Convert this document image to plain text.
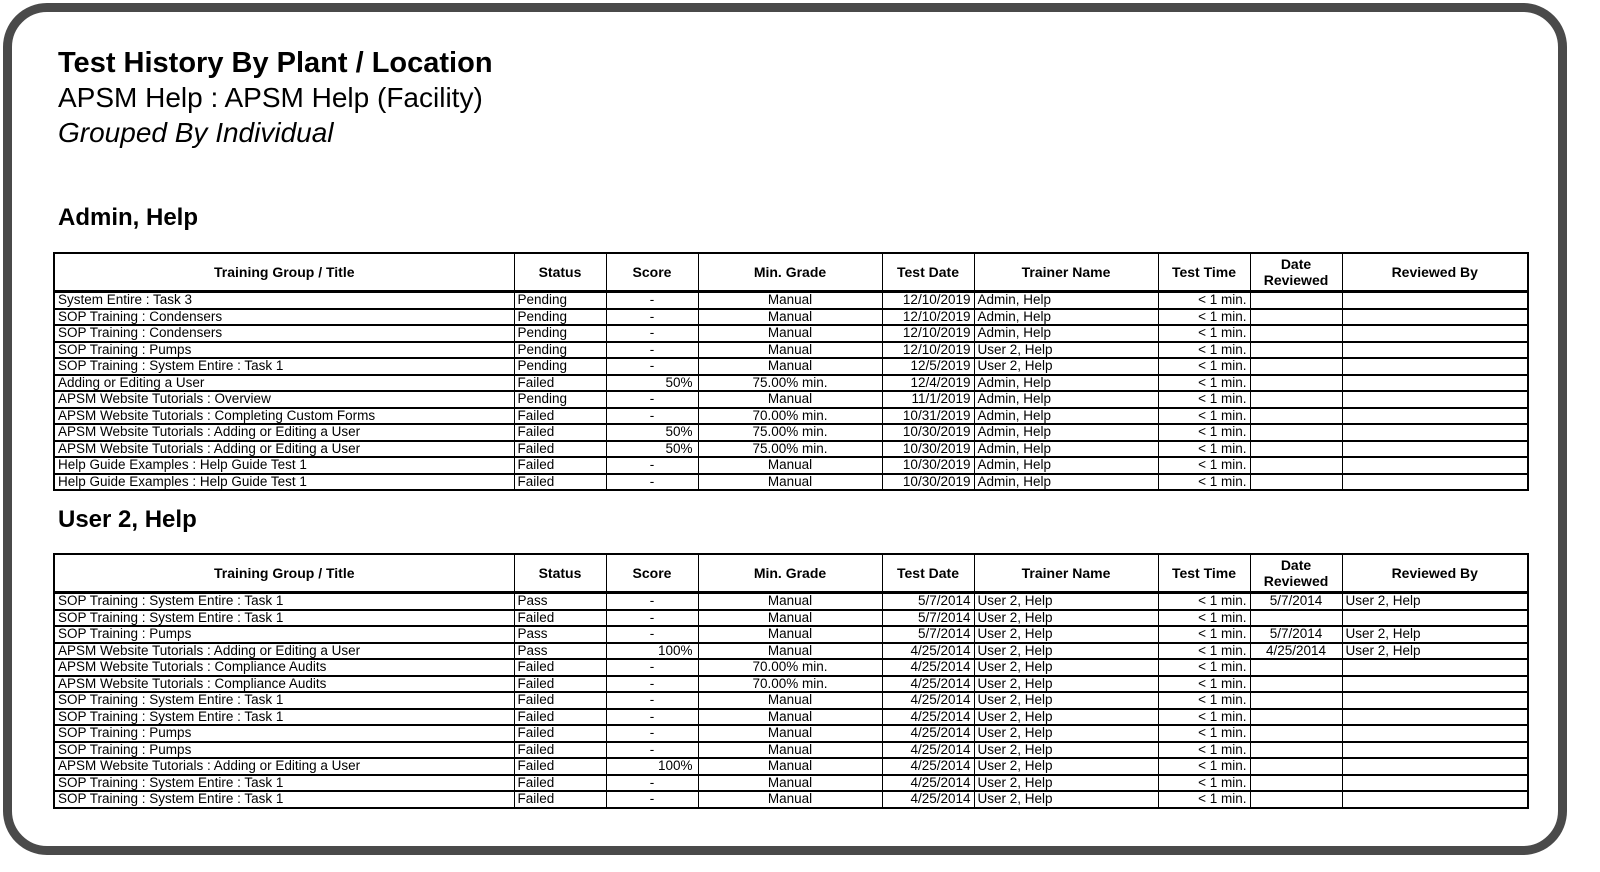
Test History By Plant / Location
APSM Help : APSM Help (Facility)
Grouped By Individual
Admin, Help
Training Group / Title	Status	Score	Min. Grade	Test Date	Trainer Name	Test Time	Date
Reviewed	Reviewed By
System Entire : Task 3	Pending	-	Manual	12/10/2019	Admin, Help	< 1 min.		
SOP Training : Condensers	Pending	-	Manual	12/10/2019	Admin, Help	< 1 min.		
SOP Training : Condensers	Pending	-	Manual	12/10/2019	Admin, Help	< 1 min.		
SOP Training : Pumps	Pending	-	Manual	12/10/2019	User 2, Help	< 1 min.		
SOP Training : System Entire : Task 1	Pending	-	Manual	12/5/2019	User 2, Help	< 1 min.		
Adding or Editing a User	Failed	50%	75.00% min.	12/4/2019	Admin, Help	< 1 min.		
APSM Website Tutorials : Overview	Pending	-	Manual	11/1/2019	Admin, Help	< 1 min.		
APSM Website Tutorials : Completing Custom Forms	Failed	-	70.00% min.	10/31/2019	Admin, Help	< 1 min.		
APSM Website Tutorials : Adding or Editing a User	Failed	50%	75.00% min.	10/30/2019	Admin, Help	< 1 min.		
APSM Website Tutorials : Adding or Editing a User	Failed	50%	75.00% min.	10/30/2019	Admin, Help	< 1 min.		
Help Guide Examples : Help Guide Test 1	Failed	-	Manual	10/30/2019	Admin, Help	< 1 min.		
Help Guide Examples : Help Guide Test 1	Failed	-	Manual	10/30/2019	Admin, Help	< 1 min.		
User 2, Help
Training Group / Title	Status	Score	Min. Grade	Test Date	Trainer Name	Test Time	Date
Reviewed	Reviewed By
SOP Training : System Entire : Task 1	Pass	-	Manual	5/7/2014	User 2, Help	< 1 min.	5/7/2014	User 2, Help
SOP Training : System Entire : Task 1	Failed	-	Manual	5/7/2014	User 2, Help	< 1 min.		
SOP Training : Pumps	Pass	-	Manual	5/7/2014	User 2, Help	< 1 min.	5/7/2014	User 2, Help
APSM Website Tutorials : Adding or Editing a User	Pass	100%	Manual	4/25/2014	User 2, Help	< 1 min.	4/25/2014	User 2, Help
APSM Website Tutorials : Compliance Audits	Failed	-	70.00% min.	4/25/2014	User 2, Help	< 1 min.		
APSM Website Tutorials : Compliance Audits	Failed	-	70.00% min.	4/25/2014	User 2, Help	< 1 min.		
SOP Training : System Entire : Task 1	Failed	-	Manual	4/25/2014	User 2, Help	< 1 min.		
SOP Training : System Entire : Task 1	Failed	-	Manual	4/25/2014	User 2, Help	< 1 min.		
SOP Training : Pumps	Failed	-	Manual	4/25/2014	User 2, Help	< 1 min.		
SOP Training : Pumps	Failed	-	Manual	4/25/2014	User 2, Help	< 1 min.		
APSM Website Tutorials : Adding or Editing a User	Failed	100%	Manual	4/25/2014	User 2, Help	< 1 min.		
SOP Training : System Entire : Task 1	Failed	-	Manual	4/25/2014	User 2, Help	< 1 min.		
SOP Training : System Entire : Task 1	Failed	-	Manual	4/25/2014	User 2, Help	< 1 min.		
